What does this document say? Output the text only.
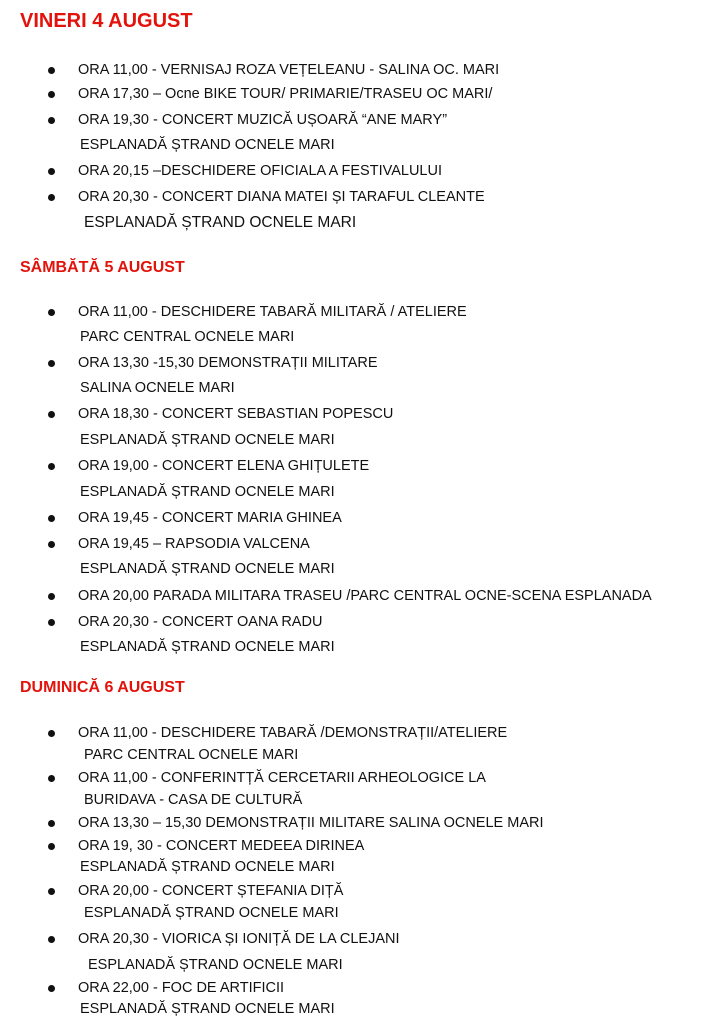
VINERI 4 AUGUST
ORA 11,00 - VERNISAJ ROZA VEȚELEANU - SALINA OC. MARI
ORA 17,30 – Ocne BIKE TOUR/ PRIMARIE/TRASEU OC MARI/
ORA 19,30 - CONCERT MUZICĂ UȘOARĂ “ANE MARY”
ESPLANADĂ ȘTRAND OCNELE MARI
ORA 20,15 –DESCHIDERE OFICIALA A FESTIVALULUI
ORA 20,30 - CONCERT DIANA MATEI ȘI TARAFUL CLEANTE
ESPLANADĂ ȘTRAND OCNELE MARI
SÂMBĂTĂ 5 AUGUST
ORA 11,00 - DESCHIDERE TABARĂ MILITARĂ / ATELIERE
PARC CENTRAL OCNELE MARI
ORA 13,30 -15,30 DEMONSTRAȚII MILITARE
SALINA OCNELE MARI
ORA 18,30 - CONCERT SEBASTIAN POPESCU
ESPLANADĂ ȘTRAND OCNELE MARI
ORA 19,00 - CONCERT ELENA GHIȚULETE
ESPLANADĂ ȘTRAND OCNELE MARI
ORA 19,45 - CONCERT MARIA GHINEA
ORA 19,45 – RAPSODIA VALCENA
ESPLANADĂ ȘTRAND OCNELE MARI
ORA 20,00 PARADA MILITARA TRASEU /PARC CENTRAL OCNE-SCENA ESPLANADA
ORA 20,30 - CONCERT OANA RADU
ESPLANADĂ ȘTRAND OCNELE MARI
DUMINICĂ 6 AUGUST
ORA 11,00 - DESCHIDERE TABARĂ /DEMONSTRAȚII/ATELIERE
PARC CENTRAL OCNELE MARI
ORA 11,00 - CONFERINTȚĂ CERCETARII ARHEOLOGICE LA
BURIDAVA - CASA DE CULTURĂ
ORA 13,30 – 15,30 DEMONSTRAȚII MILITARE SALINA OCNELE MARI
ORA 19, 30 - CONCERT MEDEEA DIRINEA
ESPLANADĂ ȘTRAND OCNELE MARI
ORA 20,00 - CONCERT ȘTEFANIA DIȚĂ
ESPLANADĂ ȘTRAND OCNELE MARI
ORA 20,30 - VIORICA ȘI IONIȚĂ DE LA CLEJANI
ESPLANADĂ ȘTRAND OCNELE MARI
ORA 22,00 - FOC DE ARTIFICII
ESPLANADĂ ȘTRAND OCNELE MARI
